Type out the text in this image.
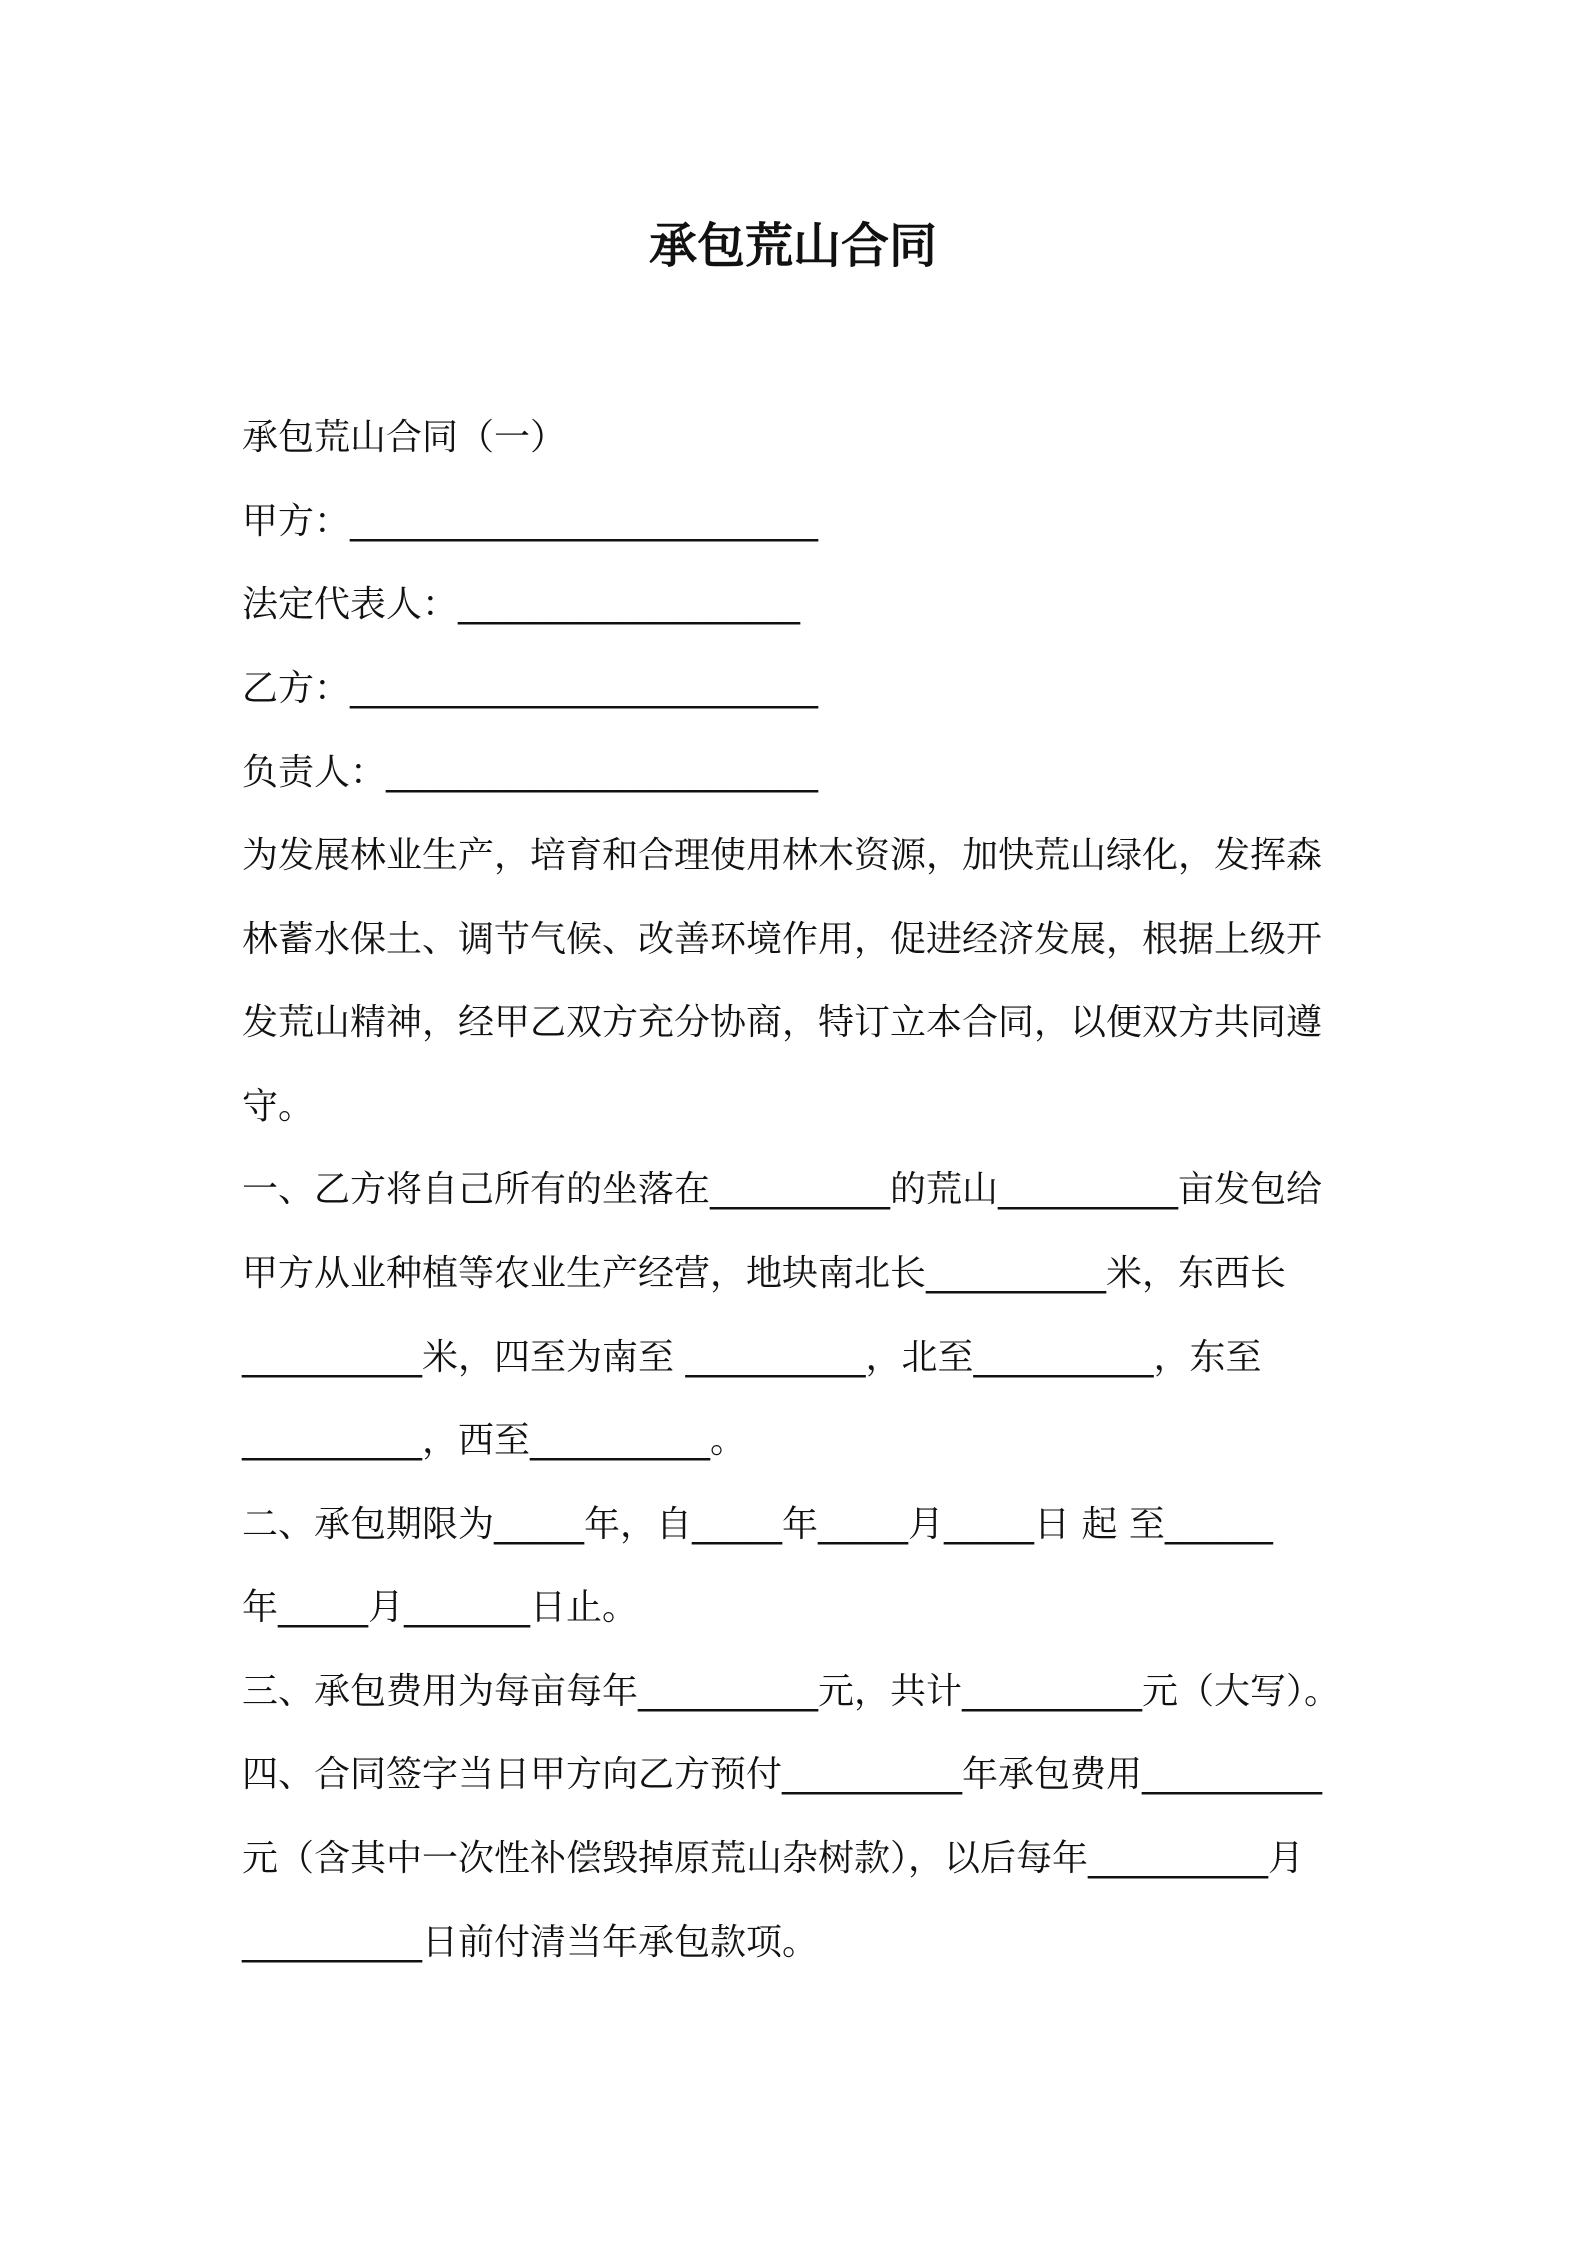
承包荒山合同
承包荒山合同（一）
甲方：__________________________
法定代表人：___________________
乙方：__________________________
负责人：________________________
为发展林业生产，培育和合理使用林木资源，加快荒山绿化，发挥森
林蓄水保土、调节气候、改善环境作用，促进经济发展，根据上级开
发荒山精神，经甲乙双方充分协商，特订立本合同，以便双方共同遵
守。
一、乙方将自己所有的坐落在__________的荒山__________亩发包给
甲方从业种植等农业生产经营，地块南北长__________米，东西长
__________米，四至为南至 __________，北至__________，东至
__________，西至__________。
二、承包期限为_____年，自_____年_____月_____日 起 至______
年_____月_______日止。
三、承包费用为每亩每年__________元，共计__________元（大写）。
四、合同签字当日甲方向乙方预付__________年承包费用__________
元（含其中一次性补偿毁掉原荒山杂树款），以后每年__________月
__________日前付清当年承包款项。
